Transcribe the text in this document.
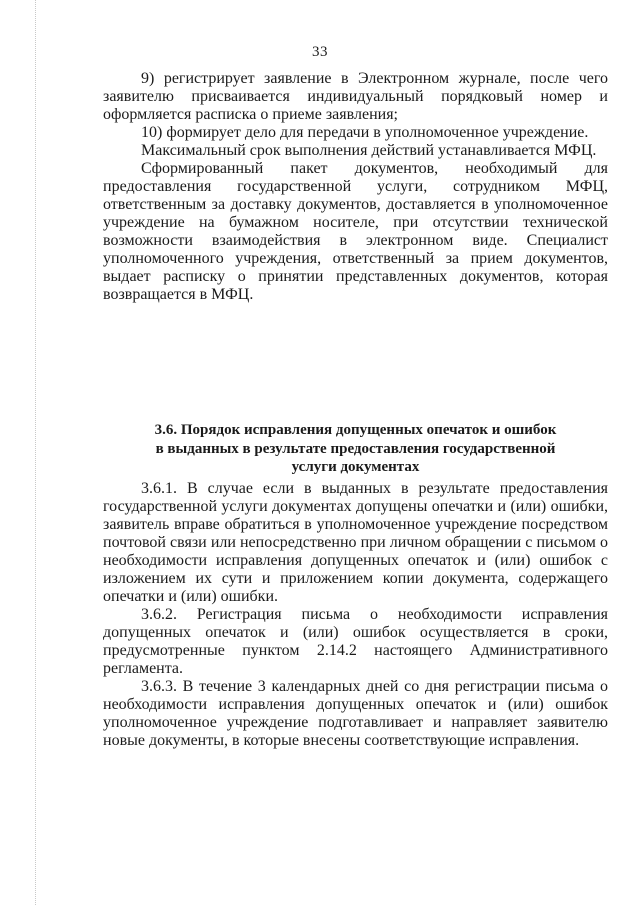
33

9) регистрирует заявление в Электронном журнале, после чего заявителю присваивается индивидуальный порядковый номер и оформляется расписка о приеме заявления;

10) формирует дело для передачи в уполномоченное учреждение.

Максимальный срок выполнения действий устанавливается МФЦ.

Сформированный пакет документов, необходимый для предоставления государственной услуги, сотрудником МФЦ, ответственным за доставку документов, доставляется в уполномоченное учреждение на бумажном носителе, при отсутствии технической возможности взаимодействия в электронном виде. Специалист уполномоченного учреждения, ответственный за прием документов, выдает расписку о принятии представленных документов, которая возвращается в МФЦ.

3.6. Порядок исправления допущенных опечаток и ошибок

в выданных в результате предоставления государственной

услуги документах

3.6.1. В случае если в выданных в результате предоставления государственной услуги документах допущены опечатки и (или) ошибки, заявитель вправе обратиться в уполномоченное учреждение посредством почтовой связи или непосредственно при личном обращении с письмом о необходимости исправления допущенных опечаток и (или) ошибок с изложением их сути и приложением копии документа, содержащего опечатки и (или) ошибки.

3.6.2. Регистрация письма о необходимости исправления допущенных опечаток и (или) ошибок осуществляется в сроки, предусмотренные пунктом 2.14.2 настоящего Административного регламента.

3.6.3. В течение 3 календарных дней со дня регистрации письма о необходимости исправления допущенных опечаток и (или) ошибок уполномоченное учреждение подготавливает и направляет заявителю новые документы, в которые внесены соответствующие исправления.
